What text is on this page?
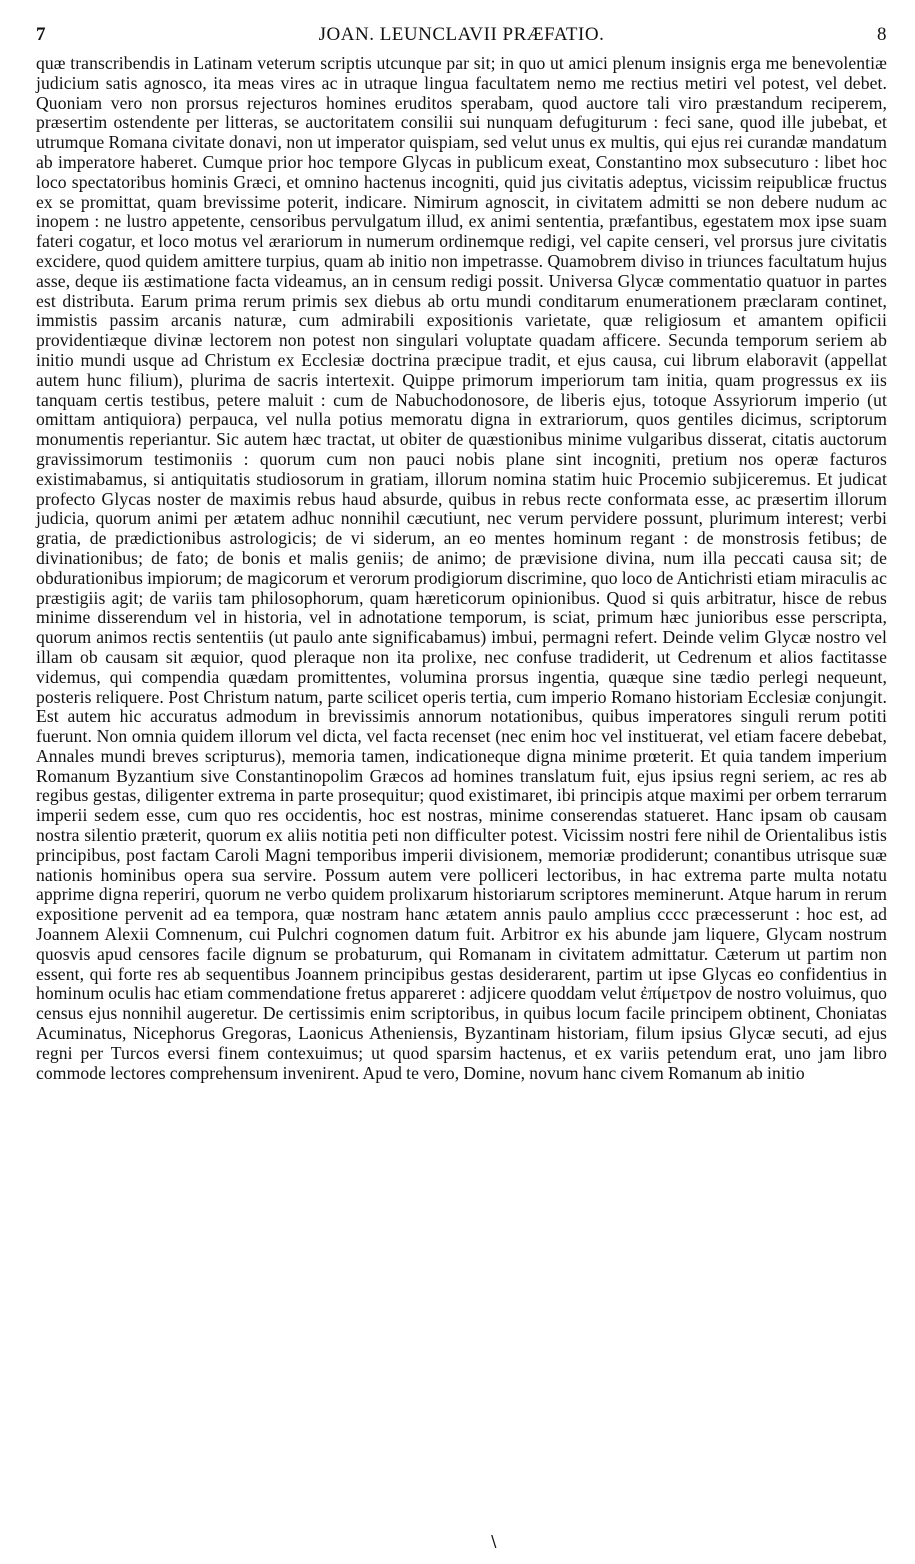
7	JOAN. LEUNCLAVII PRÆFATIO.	8

quæ transcribendis in Latinam veterum scriptis utcunque par sit; in quo ut amici plenum insignis erga me benevolentiæ judicium satis agnosco, ita meas vires ac in utraque lingua facultatem nemo me rectius metiri vel potest, vel debet. Quoniam vero non prorsus rejecturos homines eruditos sperabam, quod auctore tali viro præstandum reciperem, præsertim ostendente per litteras, se auctoritatem consilii sui nunquam defugiturum : feci sane, quod ille jubebat, et utrumque Romana civitate donavi, non ut imperator quispiam, sed velut unus ex multis, qui ejus rei curandæ mandatum ab imperatore haberet. Cumque prior hoc tempore Glycas in publicum exeat, Constantino mox subsecuturo : libet hoc loco spectatoribus hominis Græci, et omnino hactenus incogniti, quid jus civitatis adeptus, vicissim reipublicæ fructus ex se promittat, quam brevissime poterit, indicare. Nimirum agnoscit, in civitatem admitti se non debere nudum ac inopem : ne lustro appetente, censoribus pervulgatum illud, ex animi sententia, præfantibus, egestatem mox ipse suam fateri cogatur, et loco motus vel ærariorum in numerum ordinemque redigi, vel capite censeri, vel prorsus jure civitatis excidere, quod quidem amittere turpius, quam ab initio non impetrasse. Quamobrem diviso in triunces facultatum hujus asse, deque iis æstimatione facta videamus, an in censum redigi possit. Universa Glycæ commentatio quatuor in partes est distributa. Earum prima rerum primis sex diebus ab ortu mundi conditarum enumerationem præclaram continet, immistis passim arcanis naturæ, cum admirabili expositionis varietate, quæ religiosum et amantem opificii providentiæque divinæ lectorem non potest non singulari voluptate quadam afficere. Secunda temporum seriem ab initio mundi usque ad Christum ex Ecclesiæ doctrina præcipue tradit, et ejus causa, cui librum elaboravit (appellat autem hunc filium), plurima de sacris intertexit. Quippe primorum imperiorum tam initia, quam progressus ex iis tanquam certis testibus, petere maluit : cum de Nabuchodonosore, de liberis ejus, totoque Assyriorum imperio (ut omittam antiquiora) perpauca, vel nulla potius memoratu digna in extrariorum, quos gentiles dicimus, scriptorum monumentis reperiantur. Sic autem hæc tractat, ut obiter de quæstionibus minime vulgaribus disserat, citatis auctorum gravissimorum testimoniis : quorum cum non pauci nobis plane sint incogniti, pretium nos operæ facturos existimabamus, si antiquitatis studiosorum in gratiam, illorum nomina statim huic Procemio subjiceremus. Et judicat profecto Glycas noster de maximis rebus haud absurde, quibus in rebus recte conformata esse, ac præsertim illorum judicia, quorum animi per ætatem adhuc nonnihil cæcutiunt, nec verum pervidere possunt, plurimum interest; verbi gratia, de prædictionibus astrologicis; de vi siderum, an eo mentes hominum regant : de monstrosis fetibus; de divinationibus; de fato; de bonis et malis geniis; de animo; de prævisione divina, num illa peccati causa sit; de obdurationibus impiorum; de magicorum et verorum prodigiorum discrimine, quo loco de Antichristi etiam miraculis ac præstigiis agit; de variis tam philosophorum, quam hæreticorum opinionibus. Quod si quis arbitratur, hisce de rebus minime disserendum vel in historia, vel in adnotatione temporum, is sciat, primum hæc junioribus esse perscripta, quorum animos rectis sententiis (ut paulo ante significabamus) imbui, permagni refert. Deinde velim Glycæ nostro vel illam ob causam sit æquior, quod pleraque non ita prolixe, nec confuse tradiderit, ut Cedrenum et alios factitasse videmus, qui compendia quædam promittentes, volumina prorsus ingentia, quæque sine tædio perlegi nequeunt, posteris reliquere. Post Christum natum, parte scilicet operis tertia, cum imperio Romano historiam Ecclesiæ conjungit. Est autem hic accuratus admodum in brevissimis annorum notationibus, quibus imperatores singuli rerum potiti fuerunt. Non omnia quidem illorum vel dicta, vel facta recenset (nec enim hoc vel instituerat, vel etiam facere debebat, Annales mundi breves scripturus), memoria tamen, indicationeque digna minime prœterit. Et quia tandem imperium Romanum Byzantium sive Constantinopolim Græcos ad homines translatum fuit, ejus ipsius regni seriem, ac res ab regibus gestas, diligenter extrema in parte prosequitur; quod existimaret, ibi principis atque maximi per orbem terrarum imperii sedem esse, cum quo res occidentis, hoc est nostras, minime conserendas statueret. Hanc ipsam ob causam nostra silentio præterit, quorum ex aliis notitia peti non difficulter potest. Vicissim nostri fere nihil de Orientalibus istis principibus, post factam Caroli Magni temporibus imperii divisionem, memoriæ prodiderunt; conantibus utrisque suæ nationis hominibus opera sua servire. Possum autem vere polliceri lectoribus, in hac extrema parte multa notatu apprime digna reperiri, quorum ne verbo quidem prolixarum historiarum scriptores meminerunt. Atque harum in rerum expositione pervenit ad ea tempora, quæ nostram hanc ætatem annis paulo amplius cccc præcesserunt : hoc est, ad Joannem Alexii Comnenum, cui Pulchri cognomen datum fuit. Arbitror ex his abunde jam liquere, Glycam nostrum quosvis apud censores facile dignum se probaturum, qui Romanam in civitatem admittatur. Cæterum ut partim non essent, qui forte res ab sequentibus Joannem principibus gestas desiderarent, partim ut ipse Glycas eo confidentius in hominum oculis hac etiam commendatione fretus appareret : adjicere quoddam velut ἐπίμετρον de nostro voluimus, quo census ejus nonnihil augeretur. De certissimis enim scriptoribus, in quibus locum facile principem obtinent, Choniatas Acuminatus, Nicephorus Gregoras, Laonicus Atheniensis, Byzantinam historiam, filum ipsius Glycæ secuti, ad ejus regni per Turcos eversi finem contexuimus; ut quod sparsim hactenus, et ex variis petendum erat, uno jam libro commode lectores comprehensum invenirent. Apud te vero, Domine, novum hanc civem Romanum ab initio

∖
